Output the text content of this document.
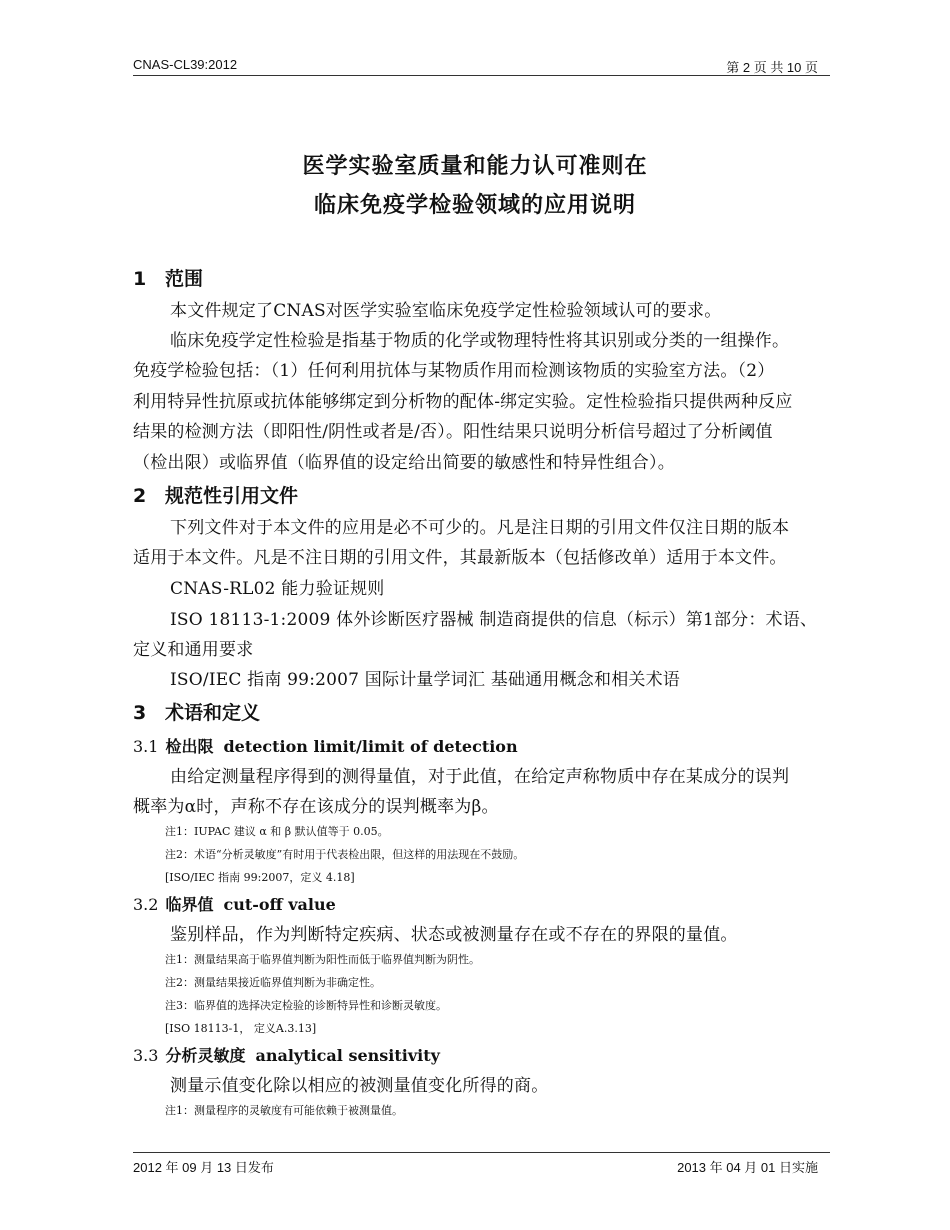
CNAS-CL39:2012	第 2 页 共 10 页
医学实验室质量和能力认可准则在
临床免疫学检验领域的应用说明
1 范围
本文件规定了CNAS对医学实验室临床免疫学定性检验领域认可的要求。
临床免疫学定性检验是指基于物质的化学或物理特性将其识别或分类的一组操作。
免疫学检验包括：（1）任何利用抗体与某物质作用而检测该物质的实验室方法。（2）
利用特异性抗原或抗体能够绑定到分析物的配体-绑定实验。定性检验指只提供两种反应
结果的检测方法（即阳性/阴性或者是/否）。阳性结果只说明分析信号超过了分析阈值
（检出限）或临界值（临界值的设定给出简要的敏感性和特异性组合）。
2 规范性引用文件
下列文件对于本文件的应用是必不可少的。凡是注日期的引用文件仅注日期的版本
适用于本文件。凡是不注日期的引用文件，其最新版本（包括修改单）适用于本文件。
CNAS-RL02 能力验证规则
ISO 18113-1:2009 体外诊断医疗器械 制造商提供的信息（标示）第1部分：术语、
定义和通用要求
ISO/IEC 指南 99:2007 国际计量学词汇 基础通用概念和相关术语
3 术语和定义
3.1 检出限 detection limit/limit of detection
由给定测量程序得到的测得量值，对于此值，在给定声称物质中存在某成分的误判
概率为α时，声称不存在该成分的误判概率为β。
注1：IUPAC 建议 α 和 β 默认值等于 0.05。
注2：术语“分析灵敏度”有时用于代表检出限，但这样的用法现在不鼓励。
[ISO/IEC 指南 99:2007，定义 4.18]
3.2 临界值 cut-off value
鉴别样品，作为判断特定疾病、状态或被测量存在或不存在的界限的量值。
注1：测量结果高于临界值判断为阳性而低于临界值判断为阴性。
注2：测量结果接近临界值判断为非确定性。
注3：临界值的选择决定检验的诊断特异性和诊断灵敏度。
[ISO 18113-1， 定义A.3.13]
3.3 分析灵敏度 analytical sensitivity
测量示值变化除以相应的被测量值变化所得的商。
注1：测量程序的灵敏度有可能依赖于被测量值。
2012 年 09 月 13 日发布	2013 年 04 月 01 日实施
